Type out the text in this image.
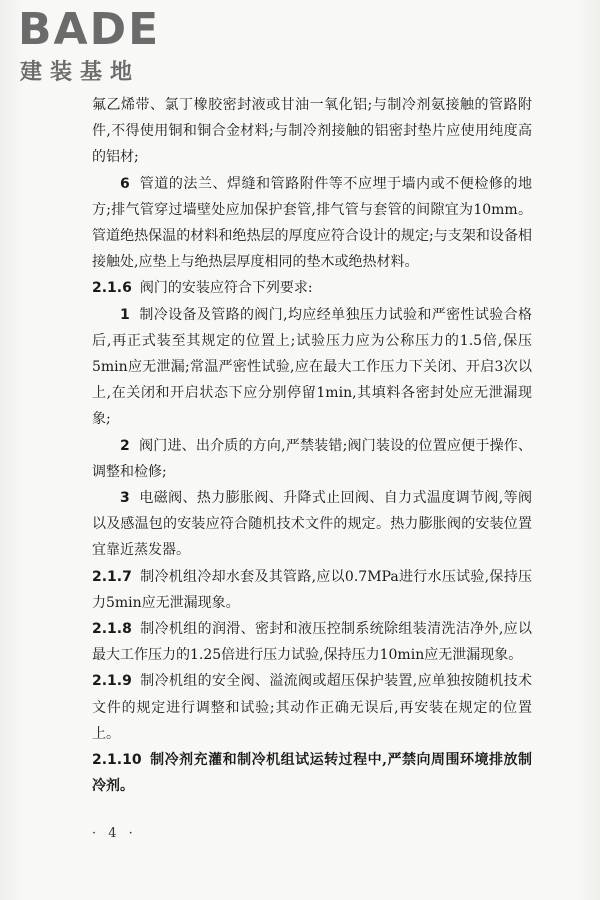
BADE
建装基地

氟乙烯带、氯丁橡胶密封液或甘油一氧化铝;与制冷剂氨接触的管路附件,不得使用铜和铜合金材料;与制冷剂接触的铝密封垫片应使用纯度高的铝材;

6 管道的法兰、焊缝和管路附件等不应埋于墙内或不便检修的地方;排气管穿过墙壁处应加保护套管,排气管与套管的间隙宜为10mm。管道绝热保温的材料和绝热层的厚度应符合设计的规定;与支架和设备相接触处,应垫上与绝热层厚度相同的垫木或绝热材料。

2.1.6 阀门的安装应符合下列要求:

1 制冷设备及管路的阀门,均应经单独压力试验和严密性试验合格后,再正式装至其规定的位置上;试验压力应为公称压力的1.5倍,保压5min应无泄漏;常温严密性试验,应在最大工作压力下关闭、开启3次以上,在关闭和开启状态下应分别停留1min,其填料各密封处应无泄漏现象;

2 阀门进、出介质的方向,严禁装错;阀门装设的位置应便于操作、调整和检修;

3 电磁阀、热力膨胀阀、升降式止回阀、自力式温度调节阀,等阀以及感温包的安装应符合随机技术文件的规定。热力膨胀阀的安装位置宜靠近蒸发器。

2.1.7 制冷机组冷却水套及其管路,应以0.7MPa进行水压试验,保持压力5min应无泄漏现象。

2.1.8 制冷机组的润滑、密封和液压控制系统除组装清洗洁净外,应以最大工作压力的1.25倍进行压力试验,保持压力10min应无泄漏现象。

2.1.9 制冷机组的安全阀、溢流阀或超压保护装置,应单独按随机技术文件的规定进行调整和试验;其动作正确无误后,再安装在规定的位置上。

2.1.10 制冷剂充灌和制冷机组试运转过程中,严禁向周围环境排放制冷剂。

· 4 ·
